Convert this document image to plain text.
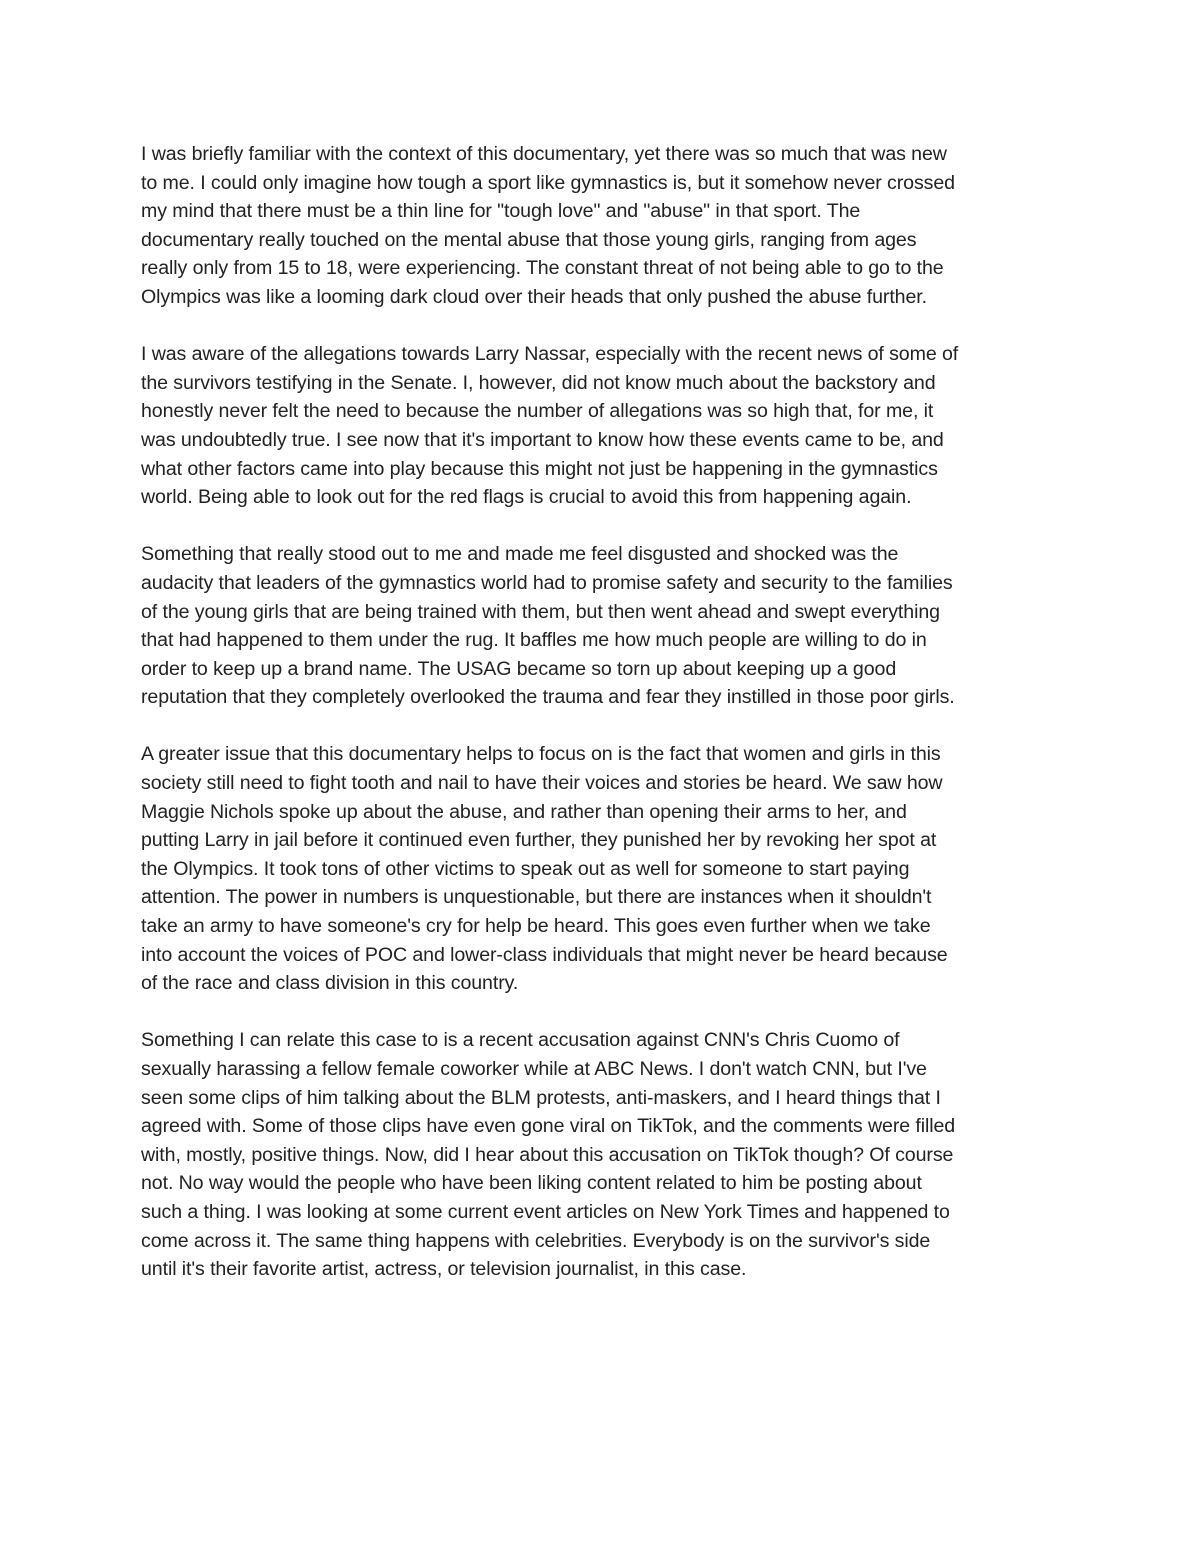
I was briefly familiar with the context of this documentary, yet there was so much that was new
to me. I could only imagine how tough a sport like gymnastics is, but it somehow never crossed
my mind that there must be a thin line for "tough love" and "abuse" in that sport. The
documentary really touched on the mental abuse that those young girls, ranging from ages
really only from 15 to 18, were experiencing. The constant threat of not being able to go to the
Olympics was like a looming dark cloud over their heads that only pushed the abuse further.

I was aware of the allegations towards Larry Nassar, especially with the recent news of some of
the survivors testifying in the Senate. I, however, did not know much about the backstory and
honestly never felt the need to because the number of allegations was so high that, for me, it
was undoubtedly true. I see now that it's important to know how these events came to be, and
what other factors came into play because this might not just be happening in the gymnastics
world. Being able to look out for the red flags is crucial to avoid this from happening again.

Something that really stood out to me and made me feel disgusted and shocked was the
audacity that leaders of the gymnastics world had to promise safety and security to the families
of the young girls that are being trained with them, but then went ahead and swept everything
that had happened to them under the rug. It baffles me how much people are willing to do in
order to keep up a brand name. The USAG became so torn up about keeping up a good
reputation that they completely overlooked the trauma and fear they instilled in those poor girls.

A greater issue that this documentary helps to focus on is the fact that women and girls in this
society still need to fight tooth and nail to have their voices and stories be heard. We saw how
Maggie Nichols spoke up about the abuse, and rather than opening their arms to her, and
putting Larry in jail before it continued even further, they punished her by revoking her spot at
the Olympics. It took tons of other victims to speak out as well for someone to start paying
attention. The power in numbers is unquestionable, but there are instances when it shouldn't
take an army to have someone's cry for help be heard. This goes even further when we take
into account the voices of POC and lower-class individuals that might never be heard because
of the race and class division in this country.

Something I can relate this case to is a recent accusation against CNN's Chris Cuomo of
sexually harassing a fellow female coworker while at ABC News. I don't watch CNN, but I've
seen some clips of him talking about the BLM protests, anti-maskers, and I heard things that I
agreed with. Some of those clips have even gone viral on TikTok, and the comments were filled
with, mostly, positive things. Now, did I hear about this accusation on TikTok though? Of course
not. No way would the people who have been liking content related to him be posting about
such a thing. I was looking at some current event articles on New York Times and happened to
come across it. The same thing happens with celebrities. Everybody is on the survivor's side
until it's their favorite artist, actress, or television journalist, in this case.
